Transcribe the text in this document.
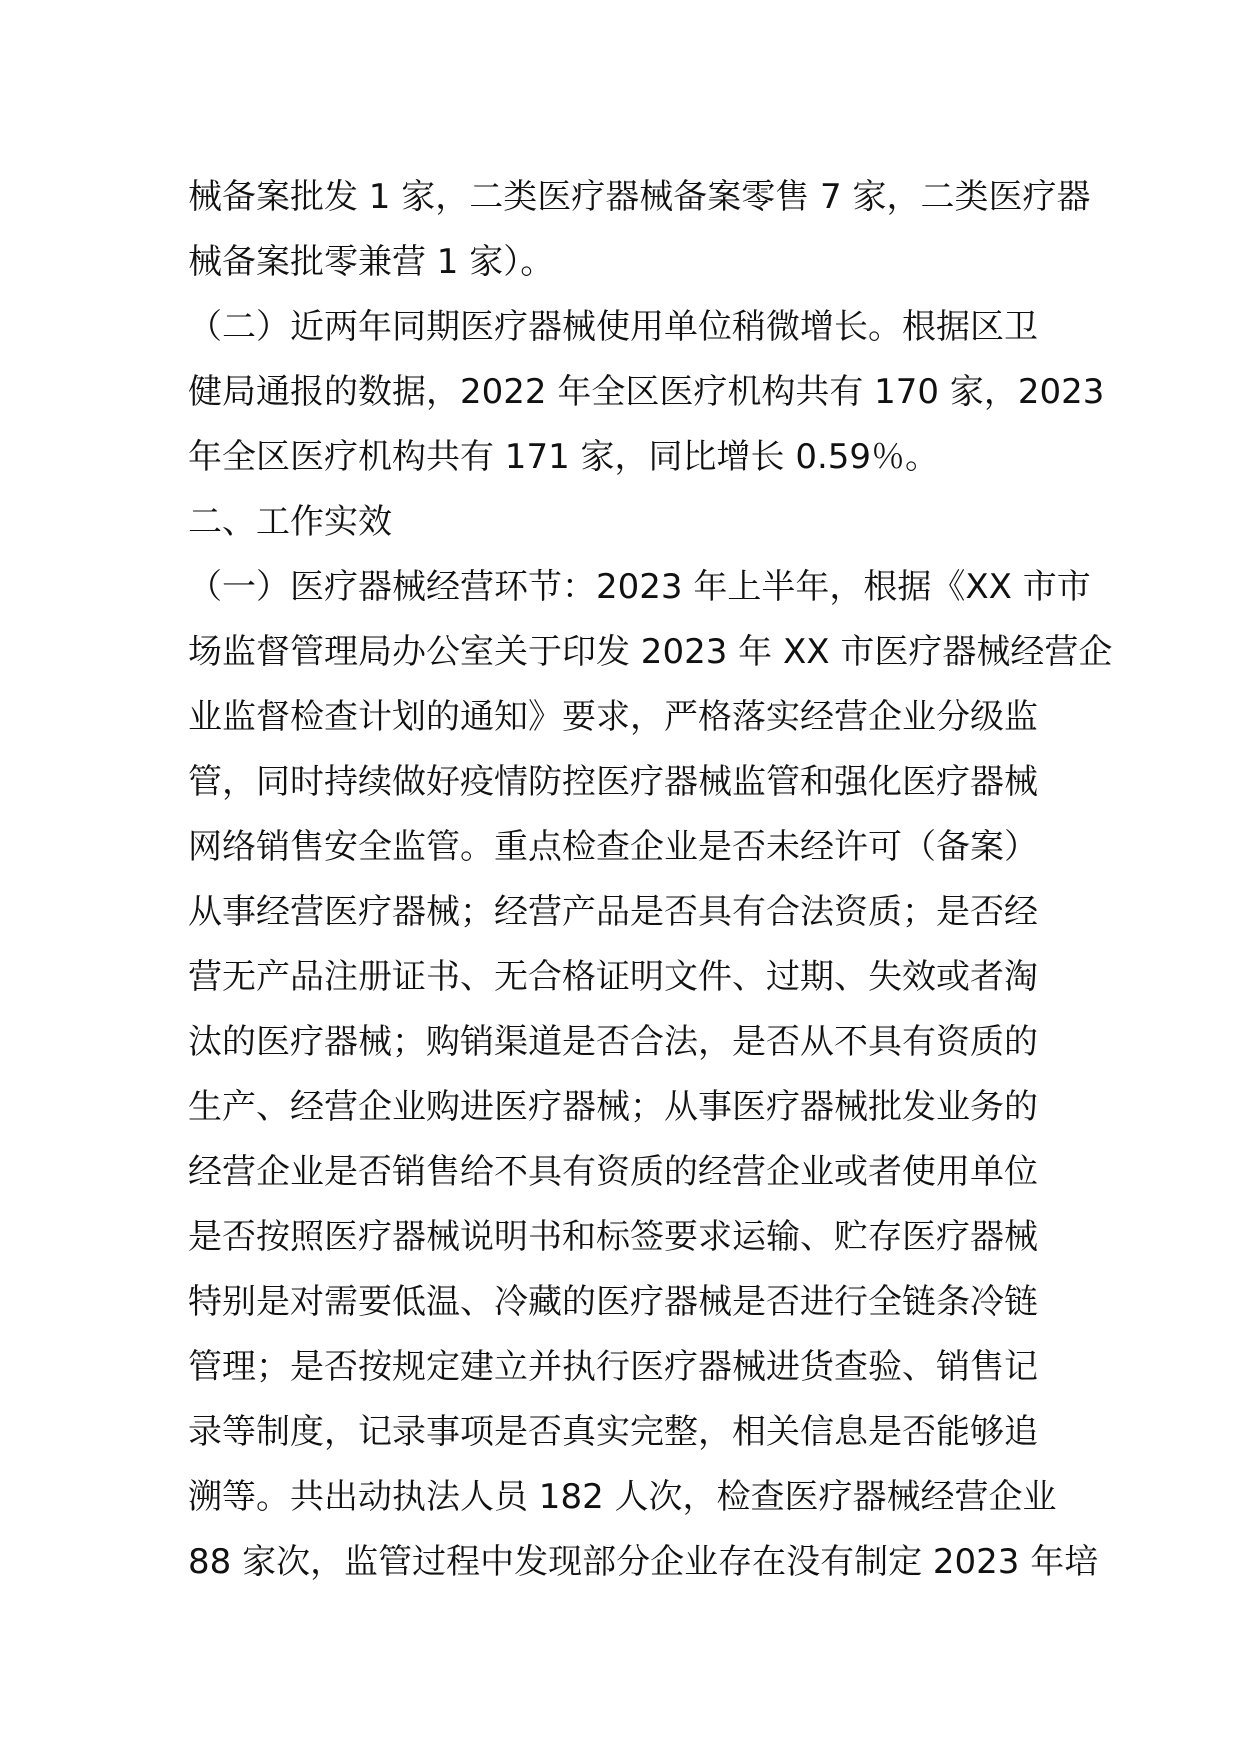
械备案批发 1 家，二类医疗器械备案零售 7 家，二类医疗器
械备案批零兼营 1 家）。
（二）近两年同期医疗器械使用单位稍微增长。根据区卫
健局通报的数据，2022 年全区医疗机构共有 170 家，2023
年全区医疗机构共有 171 家，同比增长 0.59％。
二、工作实效
（一）医疗器械经营环节：2023 年上半年，根据《XX 市市
场监督管理局办公室关于印发 2023 年 XX 市医疗器械经营企
业监督检查计划的通知》要求，严格落实经营企业分级监
管，同时持续做好疫情防控医疗器械监管和强化医疗器械
网络销售安全监管。重点检查企业是否未经许可（备案）
从事经营医疗器械；经营产品是否具有合法资质；是否经
营无产品注册证书、无合格证明文件、过期、失效或者淘
汰的医疗器械；购销渠道是否合法，是否从不具有资质的
生产、经营企业购进医疗器械；从事医疗器械批发业务的
经营企业是否销售给不具有资质的经营企业或者使用单位
是否按照医疗器械说明书和标签要求运输、贮存医疗器械
特别是对需要低温、冷藏的医疗器械是否进行全链条冷链
管理；是否按规定建立并执行医疗器械进货查验、销售记
录等制度，记录事项是否真实完整，相关信息是否能够追
溯等。共出动执法人员 182 人次，检查医疗器械经营企业
88 家次，监管过程中发现部分企业存在没有制定 2023 年培
